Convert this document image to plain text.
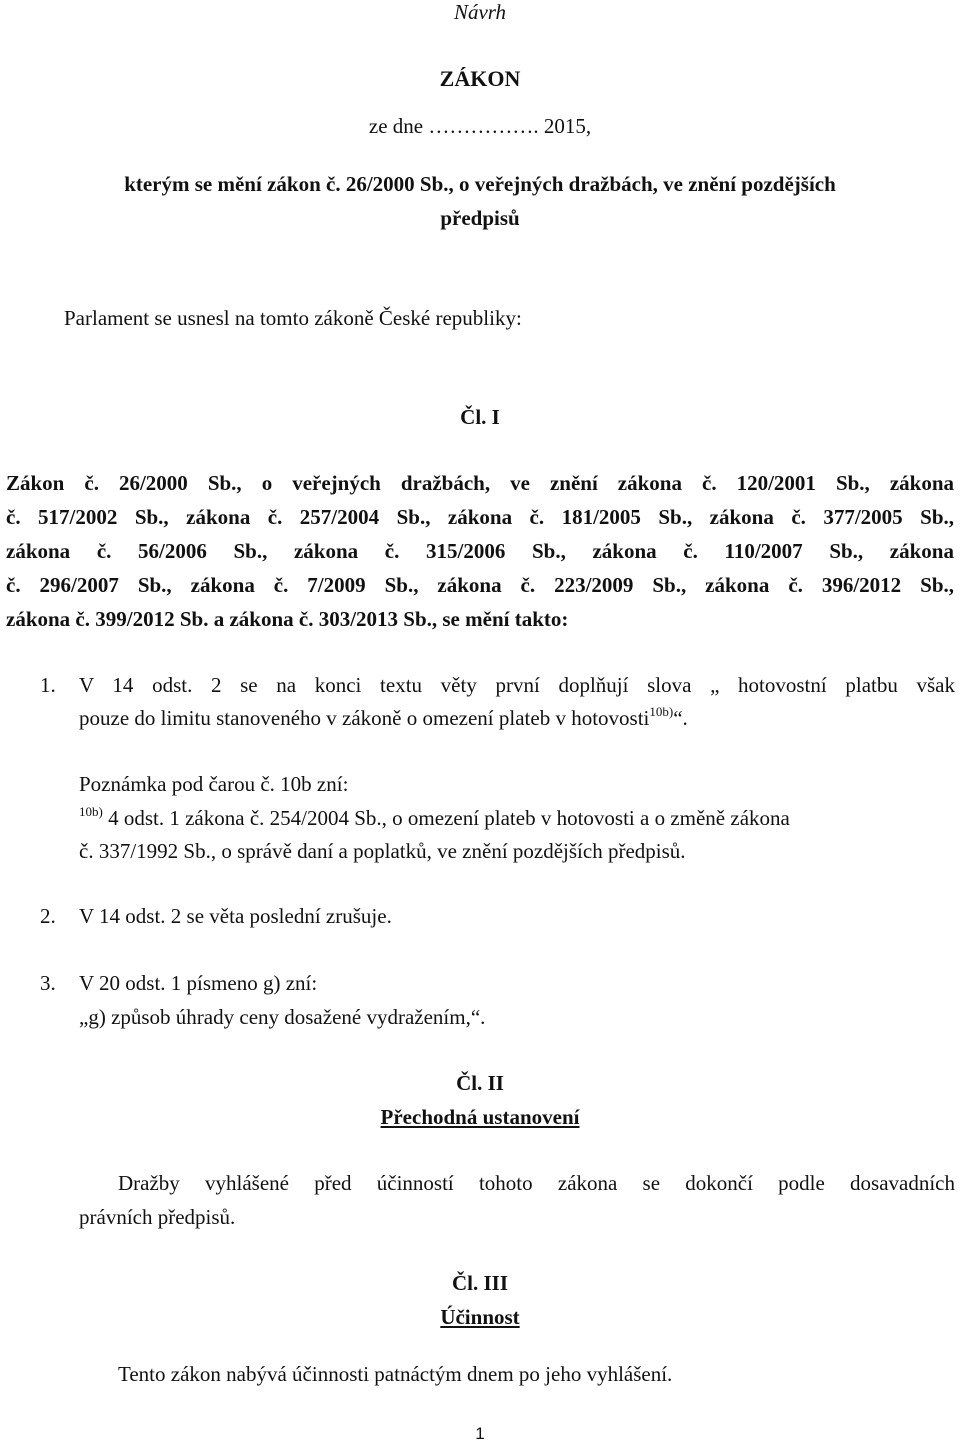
Návrh
ZÁKON
ze dne ……………. 2015,
kterým se mění zákon č. 26/2000 Sb., o veřejných dražbách, ve znění pozdějších
předpisů
Parlament se usnesl na tomto zákoně České republiky:
Čl. I
Zákon č. 26/2000 Sb., o veřejných dražbách, ve znění zákona č. 120/2001 Sb., zákona
č. 517/2002 Sb., zákona č. 257/2004 Sb., zákona č. 181/2005 Sb., zákona č. 377/2005 Sb.,
zákona č. 56/2006 Sb., zákona č. 315/2006 Sb., zákona č. 110/2007 Sb., zákona
č. 296/2007 Sb., zákona č. 7/2009 Sb., zákona č. 223/2009 Sb., zákona č. 396/2012 Sb.,
zákona č. 399/2012 Sb. a zákona č. 303/2013 Sb., se mění takto:
1. V 14 odst. 2 se na konci textu věty první doplňují slova „ hotovostní platbu však
pouze do limitu stanoveného v zákoně o omezení plateb v hotovosti$^{10b)}$“.
Poznámka pod čarou č. 10b zní:
$^{10b)}$ 4 odst. 1 zákona č. 254/2004 Sb., o omezení plateb v hotovosti a o změně zákona
č. 337/1992 Sb., o správě daní a poplatků, ve znění pozdějších předpisů.
2. V 14 odst. 2 se věta poslední zrušuje.
3. V 20 odst. 1 písmeno g) zní:
„g) způsob úhrady ceny dosažené vydražením,“.
Čl. II
Přechodná ustanovení
Dražby vyhlášené před účinností tohoto zákona se dokončí podle dosavadních
právních předpisů.
Čl. III
Účinnost
Tento zákon nabývá účinnosti patnáctým dnem po jeho vyhlášení.
1
